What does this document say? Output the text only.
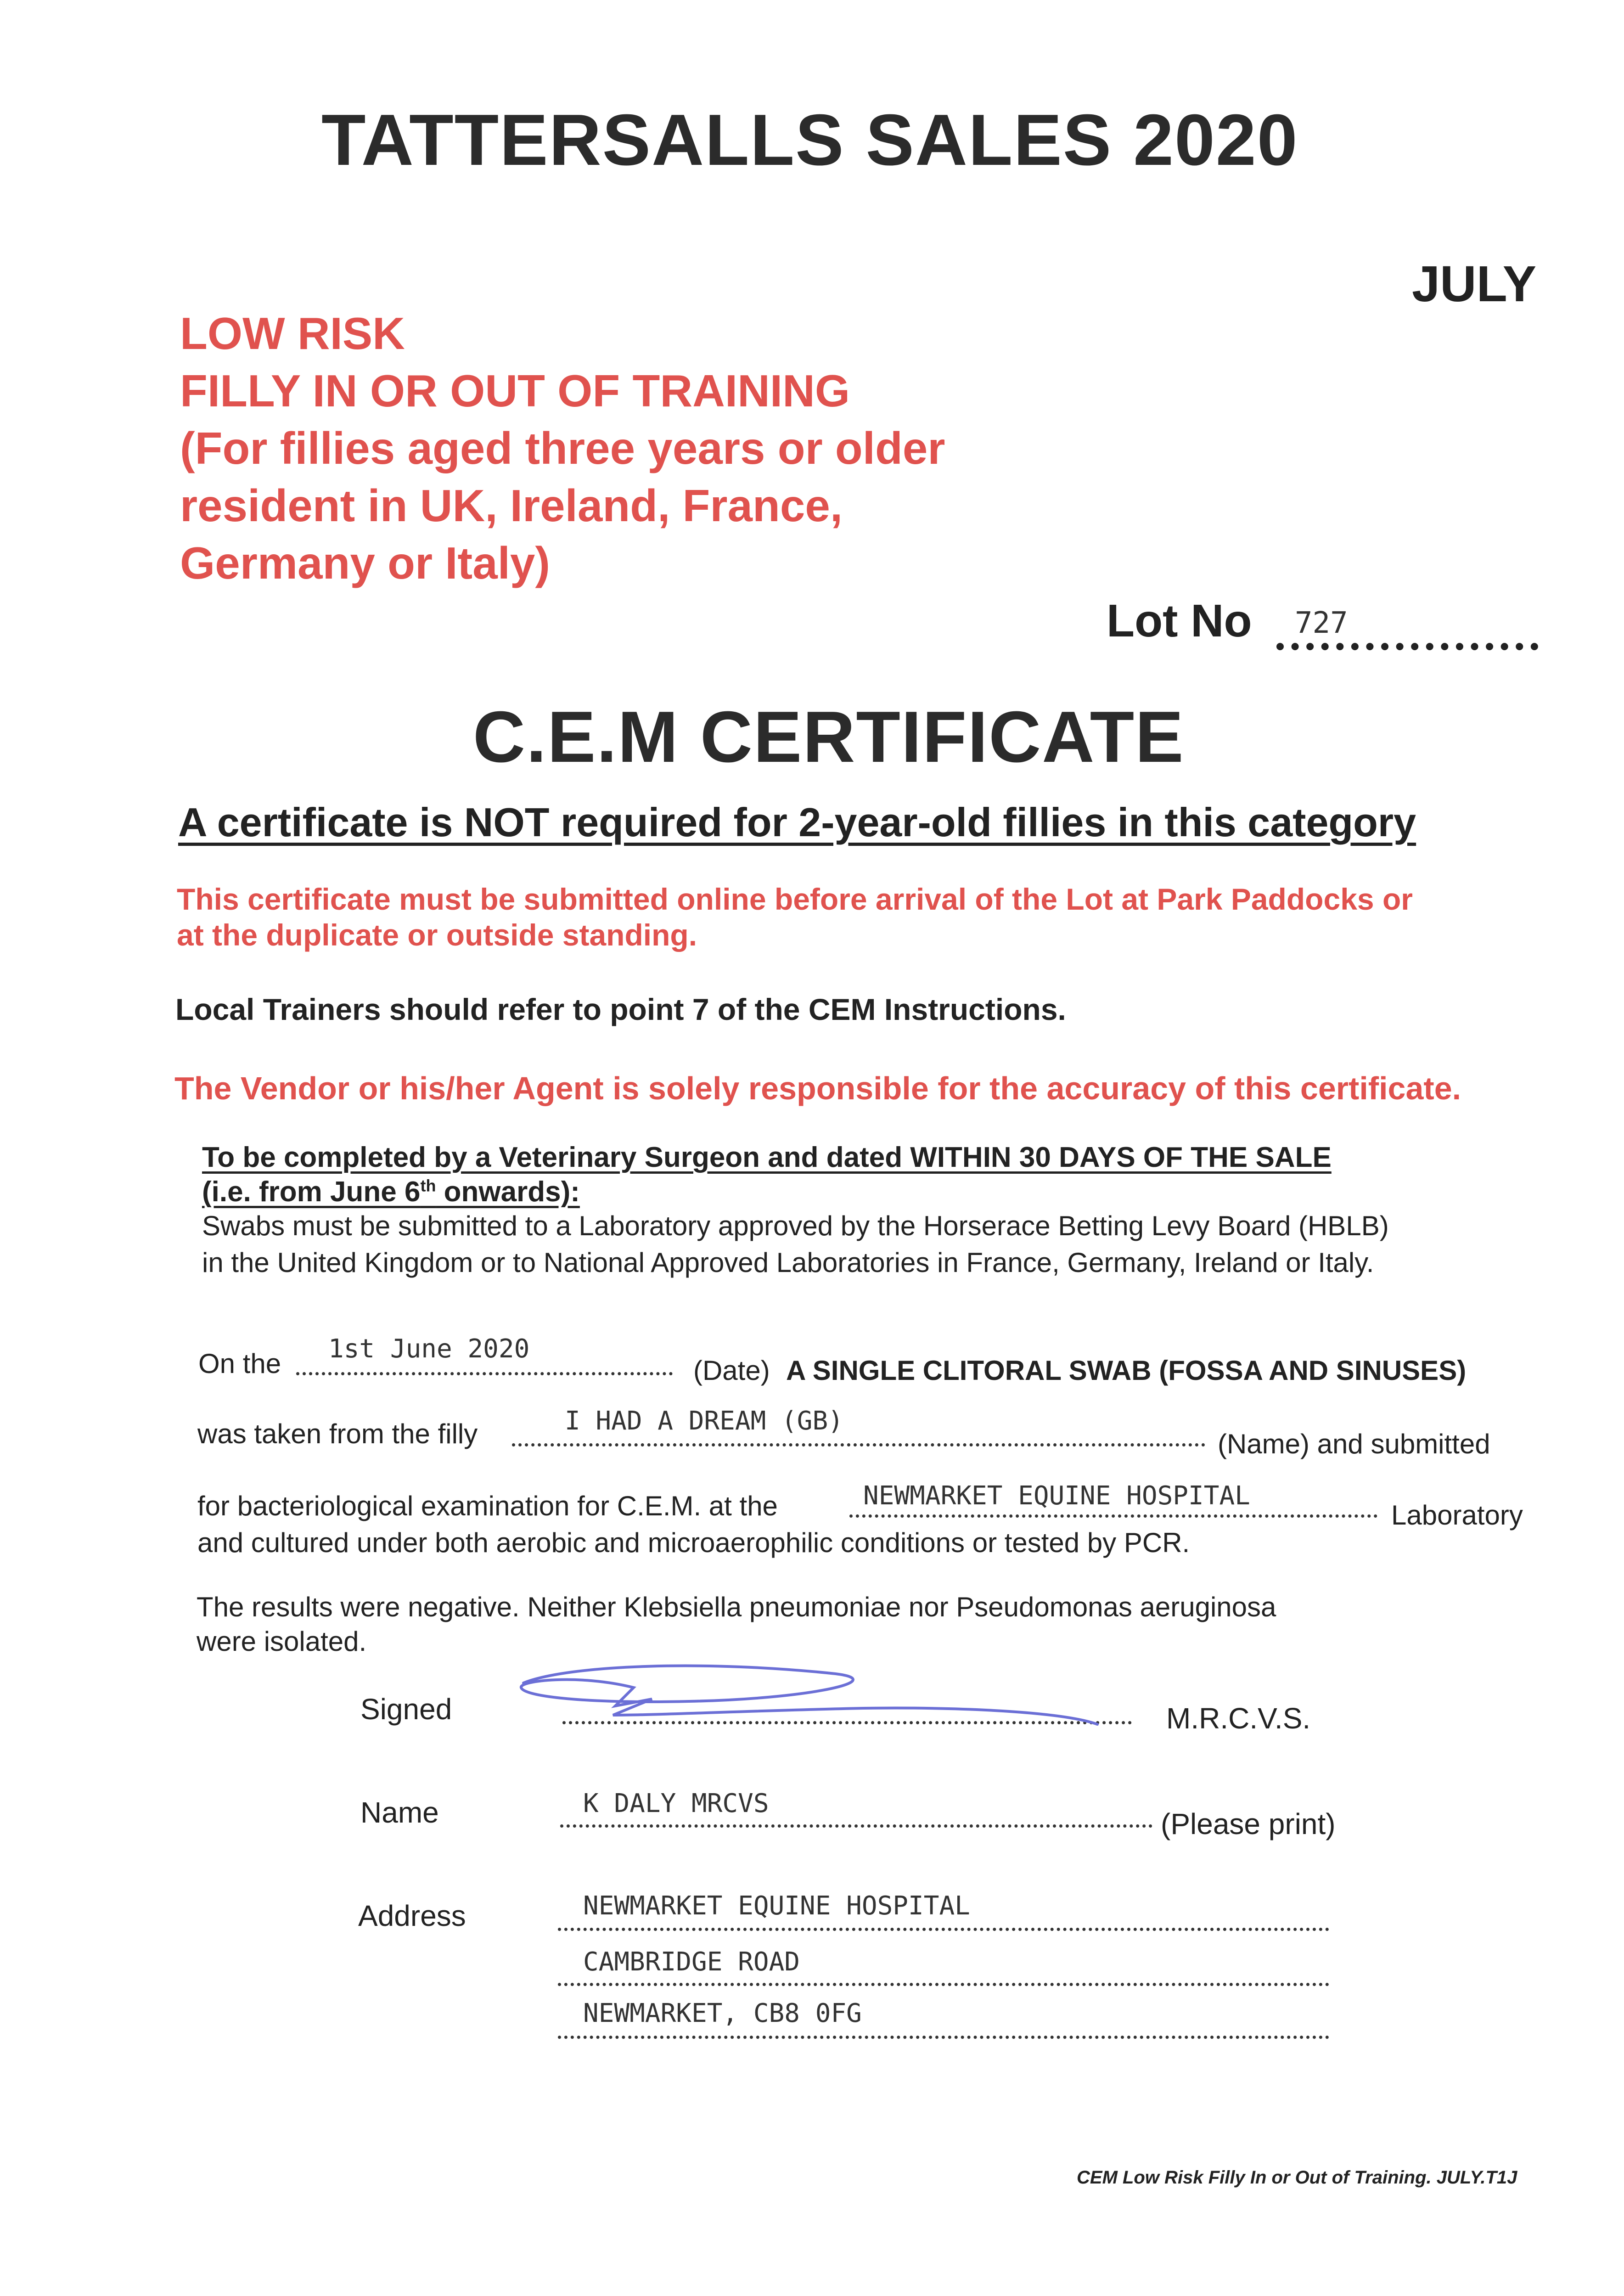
TATTERSALLS SALES 2020
JULY
LOW RISK
FILLY IN OR OUT OF TRAINING
(For fillies aged three years or older
resident in UK, Ireland, France,
Germany or Italy)
Lot No 727
C.E.M CERTIFICATE
A certificate is NOT required for 2-year-old fillies in this category
This certificate must be submitted online before arrival of the Lot at Park Paddocks or
at the duplicate or outside standing.
Local Trainers should refer to point 7 of the CEM Instructions.
The Vendor or his/her Agent is solely responsible for the accuracy of this certificate.
To be completed by a Veterinary Surgeon and dated WITHIN 30 DAYS OF THE SALE
(i.e. from June 6th onwards):
Swabs must be submitted to a Laboratory approved by the Horserace Betting Levy Board (HBLB)
in the United Kingdom or to National Approved Laboratories in France, Germany, Ireland or Italy.
On the 1st June 2020
(Date) A SINGLE CLITORAL SWAB (FOSSA AND SINUSES)
was taken from the filly	I HAD A DREAM (GB)
(Name) and submitted
for bacteriological examination for C.E.M. at the	NEWMARKET EQUINE HOSPITAL
Laboratory
and cultured under both aerobic and microaerophilic conditions or tested by PCR.
The results were negative. Neither Klebsiella pneumoniae nor Pseudomonas aeruginosa
were isolated.
Signed	M.R.C.V.S.
Name	K DALY MRCVS
(Please print)
Address	NEWMARKET EQUINE HOSPITAL
CAMBRIDGE ROAD
NEWMARKET, CB8 0FG
CEM Low Risk Filly In or Out of Training. JULY.T1J
